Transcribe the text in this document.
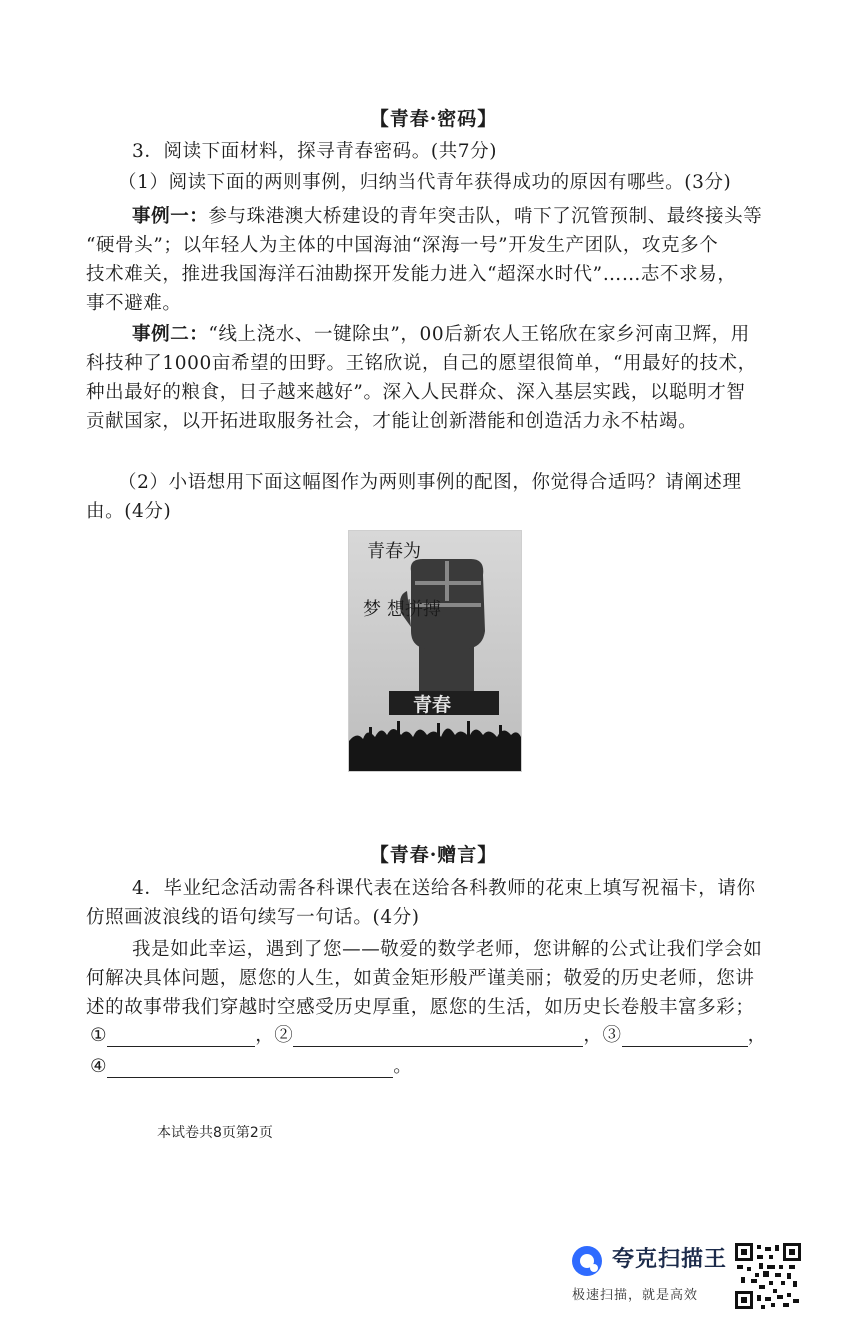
【青春·密码】
3．阅读下面材料，探寻青春密码。(共7分)
（1）阅读下面的两则事例，归纳当代青年获得成功的原因有哪些。(3分)
事例一：参与珠港澳大桥建设的青年突击队，啃下了沉管预制、最终接头等
“硬骨头”；以年轻人为主体的中国海油“深海一号”开发生产团队，攻克多个
技术难关，推进我国海洋石油勘探开发能力进入“超深水时代”……志不求易，
事不避难。
事例二：“线上浇水、一键除虫”，00后新农人王铭欣在家乡河南卫辉，用
科技种了1000亩希望的田野。王铭欣说，自己的愿望很简单，“用最好的技术，
种出最好的粮食，日子越来越好”。深入人民群众、深入基层实践，以聪明才智
贡献国家，以开拓进取服务社会，才能让创新潜能和创造活力永不枯竭。
（2）小语想用下面这幅图作为两则事例的配图，你觉得合适吗？请阐述理
由。(4分)
青春
青春为
梦 想拼搏
【青春·赠言】
4．毕业纪念活动需各科课代表在送给各科教师的花束上填写祝福卡，请你
仿照画波浪线的语句续写一句话。(4分)
我是如此幸运，遇到了您——敬爱的数学老师，您讲解的公式让我们学会如
何解决具体问题，愿您的人生，如黄金矩形般严谨美丽；敬爱的历史老师，您讲
述的故事带我们穿越时空感受历史厚重，愿您的生活，如历史长卷般丰富多彩；
①	，②	，③	，
④	。
本试卷共8页第2页
夸克扫描王
极速扫描，就是高效
